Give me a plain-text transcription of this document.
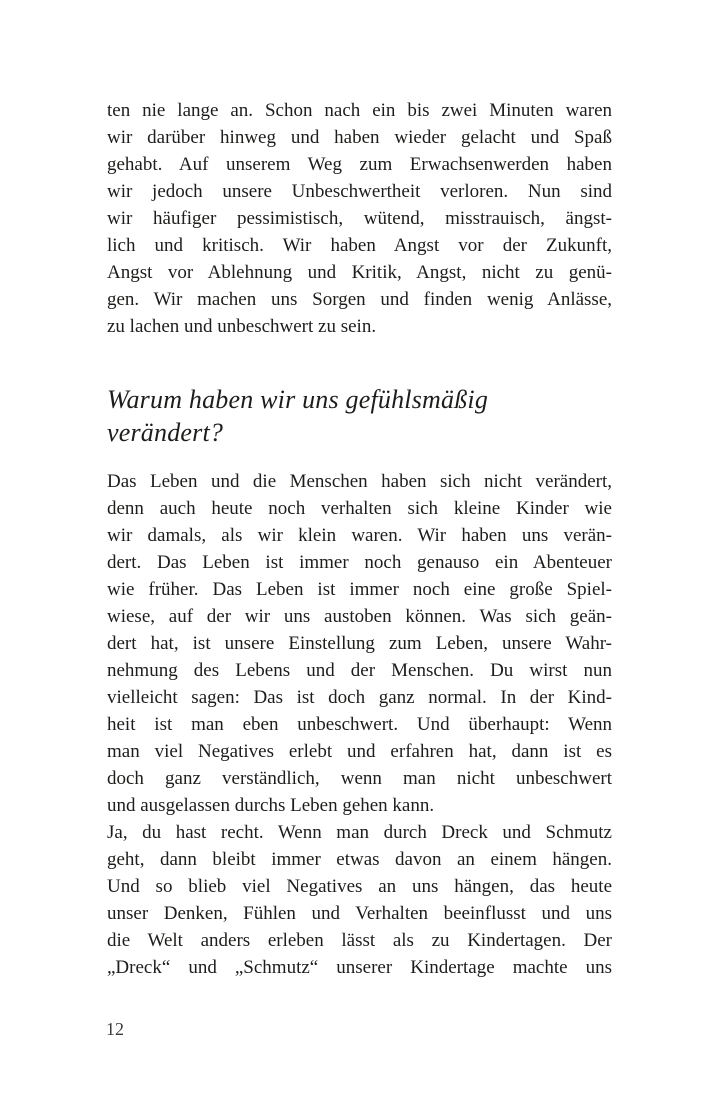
ten nie lange an. Schon nach ein bis zwei Minuten waren
wir darüber hinweg und haben wieder gelacht und Spaß
gehabt. Auf unserem Weg zum Erwachsenwerden haben
wir jedoch unsere Unbeschwertheit verloren. Nun sind
wir häufiger pessimistisch, wütend, misstrauisch, ängst-
lich und kritisch. Wir haben Angst vor der Zukunft,
Angst vor Ablehnung und Kritik, Angst, nicht zu genü-
gen. Wir machen uns Sorgen und finden wenig Anlässe,
zu lachen und unbeschwert zu sein.
Warum haben wir uns gefühlsmäßig
verändert?
Das Leben und die Menschen haben sich nicht verändert,
denn auch heute noch verhalten sich kleine Kinder wie
wir damals, als wir klein waren. Wir haben uns verän-
dert. Das Leben ist immer noch genauso ein Abenteuer
wie früher. Das Leben ist immer noch eine große Spiel-
wiese, auf der wir uns austoben können. Was sich geän-
dert hat, ist unsere Einstellung zum Leben, unsere Wahr-
nehmung des Lebens und der Menschen. Du wirst nun
vielleicht sagen: Das ist doch ganz normal. In der Kind-
heit ist man eben unbeschwert. Und überhaupt: Wenn
man viel Negatives erlebt und erfahren hat, dann ist es
doch ganz verständlich, wenn man nicht unbeschwert
und ausgelassen durchs Leben gehen kann.
Ja, du hast recht. Wenn man durch Dreck und Schmutz
geht, dann bleibt immer etwas davon an einem hängen.
Und so blieb viel Negatives an uns hängen, das heute
unser Denken, Fühlen und Verhalten beeinflusst und uns
die Welt anders erleben lässt als zu Kindertagen. Der
„Dreck“ und „Schmutz“ unserer Kindertage machte uns
12
